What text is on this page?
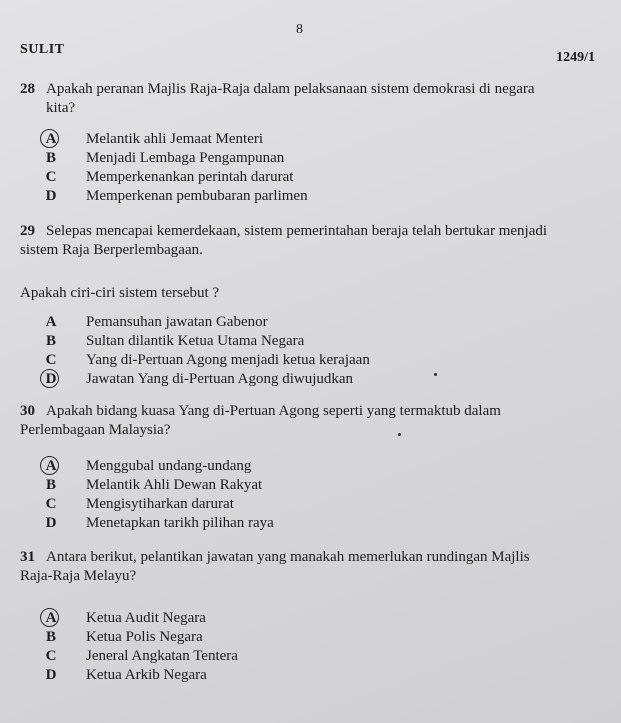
SULIT
8
1249/1
28 Apakah peranan Majlis Raja-Raja dalam pelaksanaan sistem demokrasi di negara
kita?
A	Melantik ahli Jemaat Menteri
B	Menjadi Lembaga Pengampunan
C	Memperkenankan perintah darurat
D	Memperkenan pembubaran parlimen
29 Selepas mencapai kemerdekaan, sistem pemerintahan beraja telah bertukar menjadi
sistem Raja Berperlembagaan.
Apakah ciri-ciri sistem tersebut ?
A	Pemansuhan jawatan Gabenor
B	Sultan dilantik Ketua Utama Negara
C	Yang di-Pertuan Agong menjadi ketua kerajaan
D	Jawatan Yang di-Pertuan Agong diwujudkan
30 Apakah bidang kuasa Yang di-Pertuan Agong seperti yang termaktub dalam
Perlembagaan Malaysia?
A	Menggubal undang-undang
B	Melantik Ahli Dewan Rakyat
C	Mengisytiharkan darurat
D	Menetapkan tarikh pilihan raya
31 Antara berikut, pelantikan jawatan yang manakah memerlukan rundingan Majlis
Raja-Raja Melayu?
A	Ketua Audit Negara
B	Ketua Polis Negara
C	Jeneral Angkatan Tentera
D	Ketua Arkib Negara
